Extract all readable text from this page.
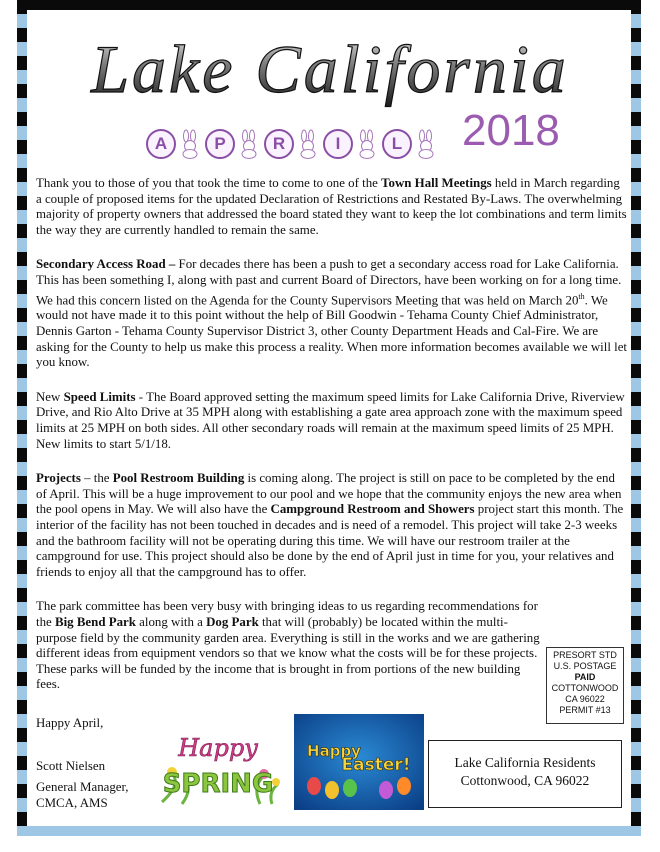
Lake California
A	P	R	I	L 2018

Thank you to those of you that took the time to come to one of the Town Hall Meetings held in March regarding a couple of proposed items for the updated Declaration of Restrictions and Restated By-Laws. The overwhelming majority of property owners that addressed the board stated they want to keep the lot combinations and term limits the way they are currently handled to remain the same.

Secondary Access Road – For decades there has been a push to get a secondary access road for Lake California. This has been something I, along with past and current Board of Directors, have been working on for a long time. We had this concern listed on the Agenda for the County Supervisors Meeting that was held on March 20th. We would not have made it to this point without the help of Bill Goodwin - Tehama County Chief Administrator, Dennis Garton - Tehama County Supervisor District 3, other County Department Heads and Cal-Fire. We are asking for the County to help us make this process a reality. When more information becomes available we will let you know.

New Speed Limits - The Board approved setting the maximum speed limits for Lake California Drive, Riverview Drive, and Rio Alto Drive at 35 MPH along with establishing a gate area approach zone with the maximum speed limits at 25 MPH on both sides. All other secondary roads will remain at the maximum speed limits of 25 MPH. New limits to start 5/1/18.

Projects – the Pool Restroom Building is coming along. The project is still on pace to be completed by the end of April. This will be a huge improvement to our pool and we hope that the community enjoys the new area when the pool opens in May. We will also have the Campground Restroom and Showers project start this month. The interior of the facility has not been touched in decades and is need of a remodel. This project will take 2-3 weeks and the bathroom facility will not be operating during this time. We will have our restroom trailer at the campground for use. This project should also be done by the end of April just in time for you, your relatives and friends to enjoy all that the campground has to offer.

The park committee has been very busy with bringing ideas to us regarding recommendations for the Big Bend Park along with a Dog Park that will (probably) be located within the multi-purpose field by the community garden area. Everything is still in the works and we are gathering different ideas from equipment vendors so that we know what the costs will be for these projects. These parks will be funded by the income that is brought in from portions of the new building fees.

PRESORT STD
U.S. POSTAGE
PAID
COTTONWOOD
CA 96022
PERMIT #13
Happy April,
Scott Nielsen
General Manager,
CMCA, AMS
Happy
SPRING
Happy
Easter!	Lake California Residents
Cottonwood, CA 96022
